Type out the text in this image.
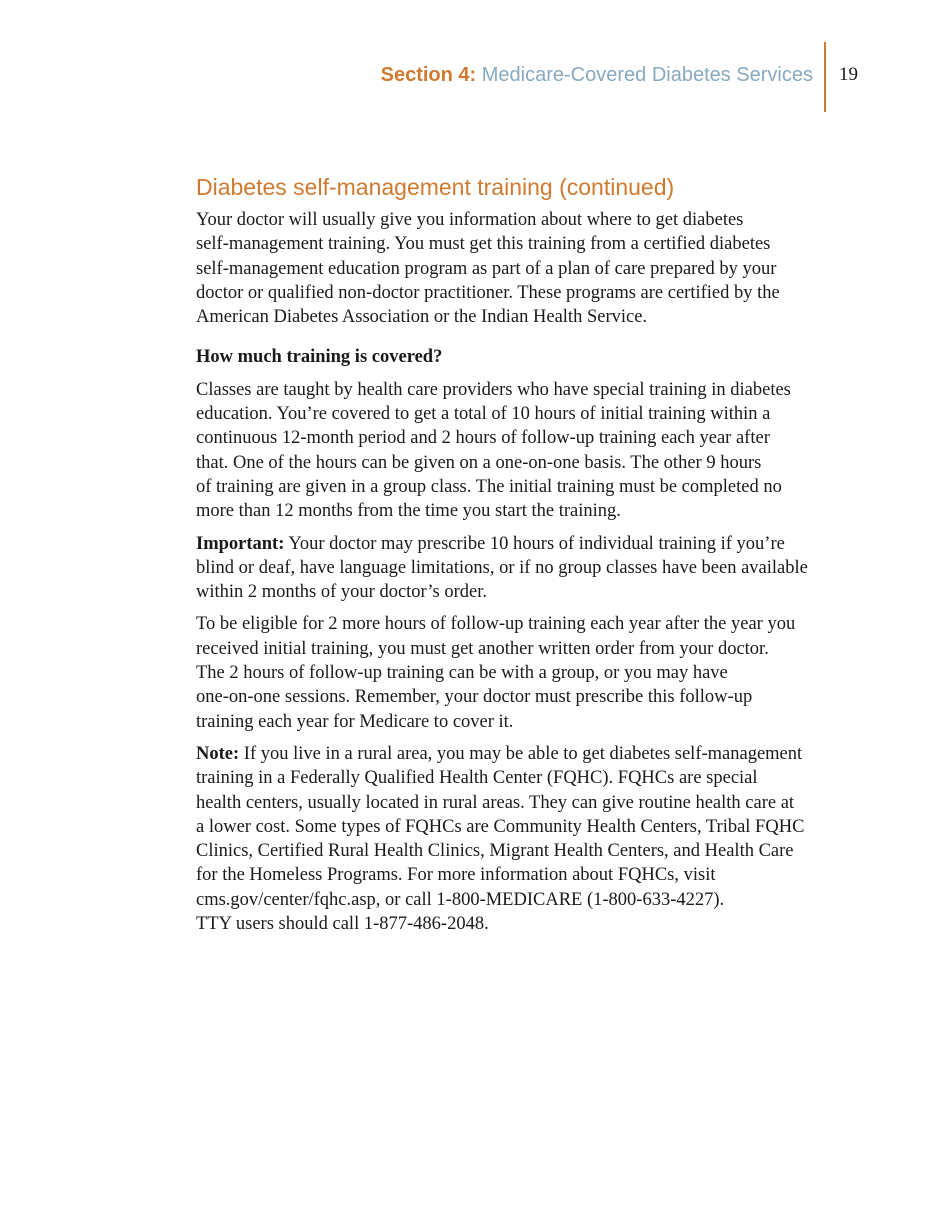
Section 4: Medicare-Covered Diabetes Services 19
Diabetes self-management training (continued)

Your doctor will usually give you information about where to get diabetes
self-management training. You must get this training from a certified diabetes
self-management education program as part of a plan of care prepared by your
doctor or qualified non-doctor practitioner. These programs are certified by the
American Diabetes Association or the Indian Health Service.

How much training is covered?

Classes are taught by health care providers who have special training in diabetes
education. You’re covered to get a total of 10 hours of initial training within a
continuous 12-month period and 2 hours of follow-up training each year after
that. One of the hours can be given on a one-on-one basis. The other 9 hours
of training are given in a group class. The initial training must be completed no
more than 12 months from the time you start the training.

Important: Your doctor may prescribe 10 hours of individual training if you’re
blind or deaf, have language limitations, or if no group classes have been available
within 2 months of your doctor’s order.

To be eligible for 2 more hours of follow-up training each year after the year you
received initial training, you must get another written order from your doctor.
The 2 hours of follow-up training can be with a group, or you may have
one-on-one sessions. Remember, your doctor must prescribe this follow-up
training each year for Medicare to cover it.

Note: If you live in a rural area, you may be able to get diabetes self-management
training in a Federally Qualified Health Center (FQHC). FQHCs are special
health centers, usually located in rural areas. They can give routine health care at
a lower cost. Some types of FQHCs are Community Health Centers, Tribal FQHC
Clinics, Certified Rural Health Clinics, Migrant Health Centers, and Health Care
for the Homeless Programs. For more information about FQHCs, visit
cms.gov/center/fqhc.asp, or call 1-800-MEDICARE (1-800-633-4227).
TTY users should call 1-877-486-2048.
